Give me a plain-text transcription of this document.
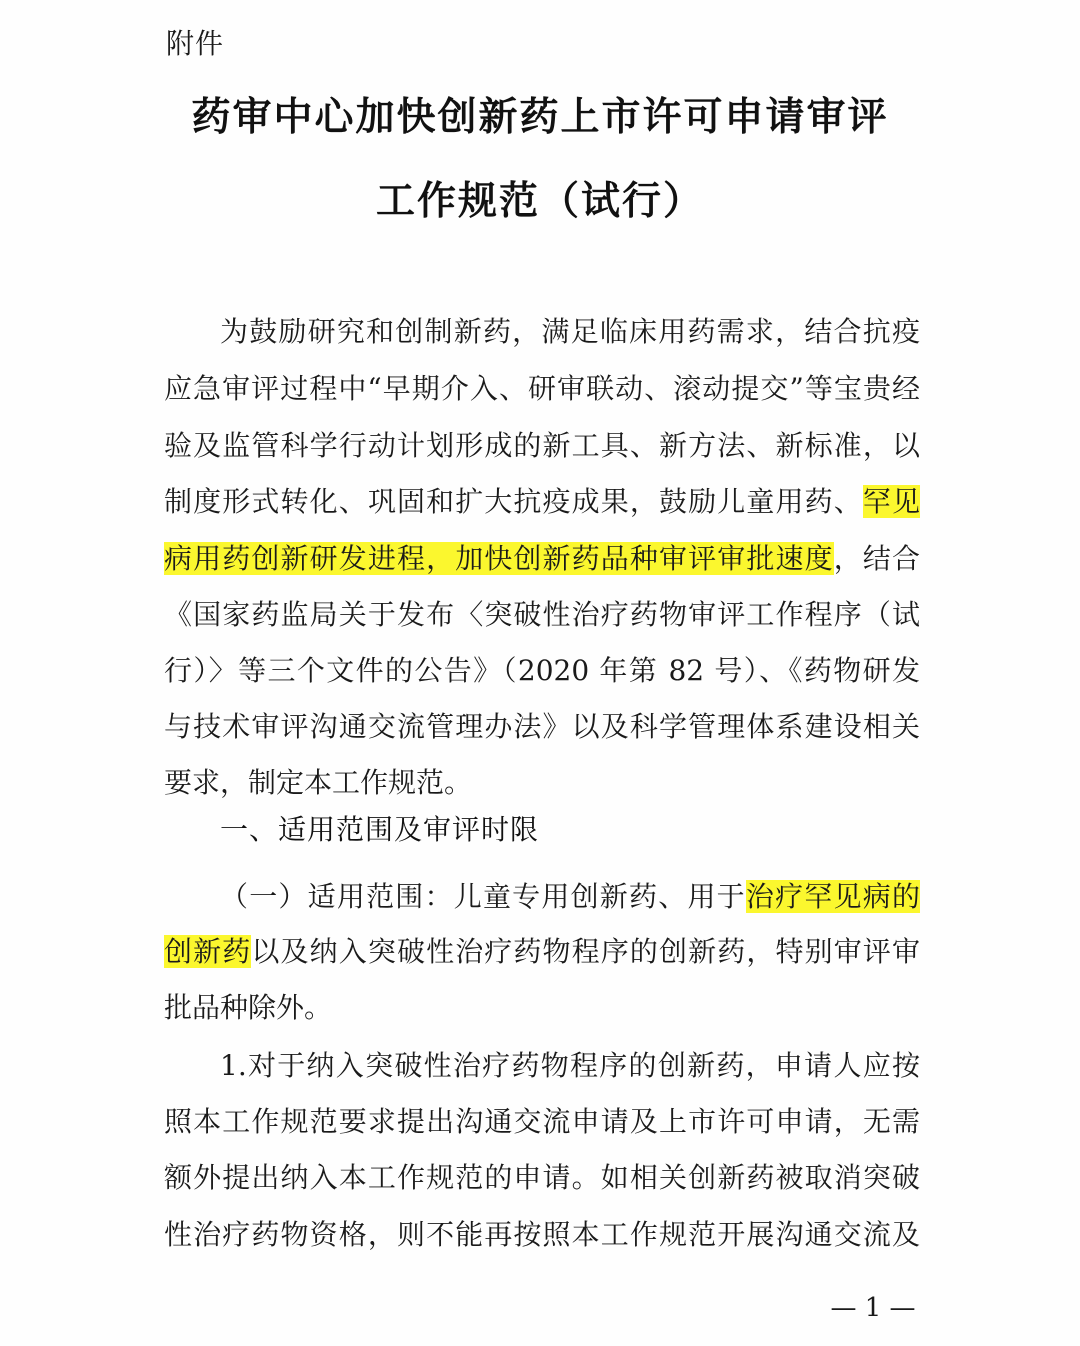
附件
药审中心加快创新药上市许可申请审评
工作规范（试行）
为鼓励研究和创制新药，满足临床用药需求，结合抗疫
应急审评过程中“早期介入、研审联动、滚动提交”等宝贵经
验及监管科学行动计划形成的新工具、新方法、新标准，以
制度形式转化、巩固和扩大抗疫成果，鼓励儿童用药、罕见
病用药创新研发进程，加快创新药品种审评审批速度，结合
《国家药监局关于发布〈突破性治疗药物审评工作程序（试
行）〉等三个文件的公告》（2020 年第 82 号）、《药物研发
与技术审评沟通交流管理办法》以及科学管理体系建设相关
要求，制定本工作规范。
一、适用范围及审评时限
（一）适用范围：儿童专用创新药、用于治疗罕见病的
创新药以及纳入突破性治疗药物程序的创新药，特别审评审
批品种除外。
1.对于纳入突破性治疗药物程序的创新药，申请人应按
照本工作规范要求提出沟通交流申请及上市许可申请，无需
额外提出纳入本工作规范的申请。如相关创新药被取消突破
性治疗药物资格，则不能再按照本工作规范开展沟通交流及
— 1 —
